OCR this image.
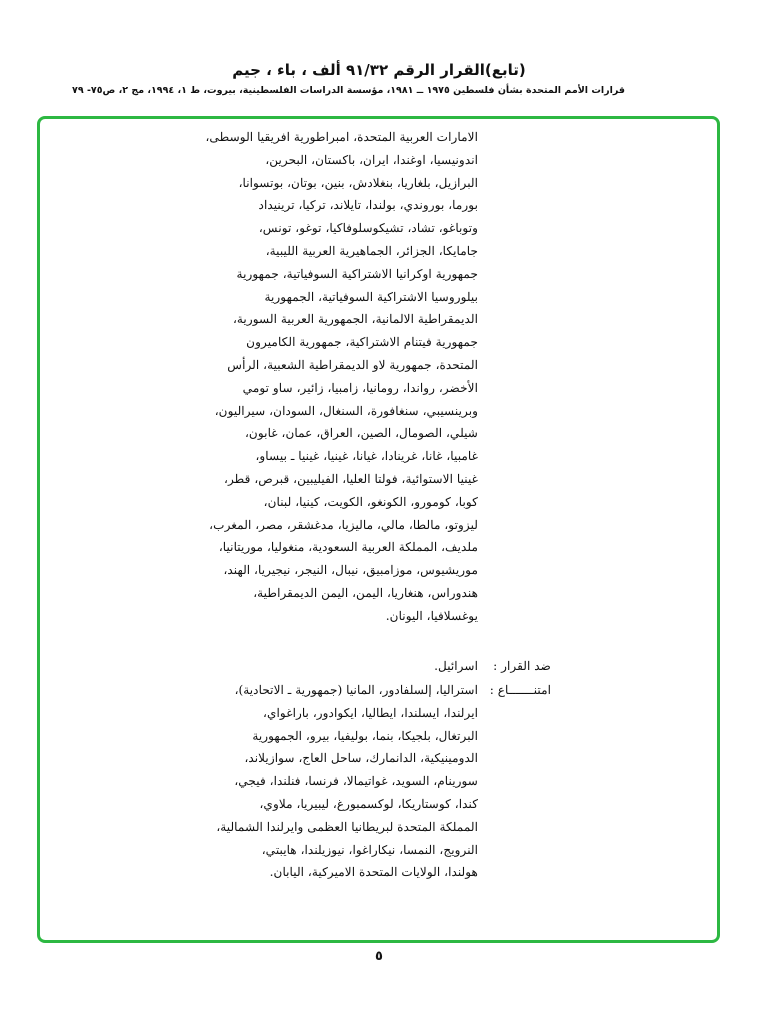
(تابع)القرار الرقم ٩١/٣٢ ألف ، باء ، جيم
قرارات الأمم المتحدة بشأن فلسطين ١٩٧٥ ــ ١٩٨١، مؤسسة الدراسات الفلسطينية، بيروت، ط ١، ١٩٩٤، مج ٢، ص٧٥- ٧٩
الامارات العربية المتحدة، امبراطورية افريقيا الوسطى،
اندونيسيا، اوغندا، ايران، باكستان، البحرين،
البرازيل، بلغاريا، بنغلادش، بنين، بوتان، بوتسوانا،
بورما، بوروندي، بولندا، تايلاند، تركيا، ترينيداد
وتوباغو، تشاد، تشيكوسلوفاكيا، توغو، تونس،
جامايكا، الجزائر، الجماهيرية العربية الليبية،
جمهورية اوكرانيا الاشتراكية السوفياتية، جمهورية
بيلوروسيا الاشتراكية السوفياتية، الجمهورية
الديمقراطية الالمانية، الجمهورية العربية السورية،
جمهورية فيتنام الاشتراكية، جمهورية الكاميرون
المتحدة، جمهورية لاو الديمقراطية الشعبية، الرأس
الأخضر، رواندا، رومانيا، زامبيا، زائير، ساو تومي
وبرينسيبي، سنغافورة، السنغال، السودان، سيراليون،
شيلي، الصومال، الصين، العراق، عمان، غابون،
غامبيا، غانا، غرينادا، غيانا، غينيا، غينيا ـ بيساو،
غينيا الاستوائية، فولتا العليا، الفيليبين، قبرص، قطر،
كوبا، كومورو، الكونغو، الكويت، كينيا، لبنان،
ليزوتو، مالطا، مالي، ماليزيا، مدغشقر، مصر، المغرب،
ملديف، المملكة العربية السعودية، منغوليا، موريتانيا،
موريشيوس، موزامبيق، نيبال، النيجر، نيجيريا، الهند،
هندوراس، هنغاريا، اليمن، اليمن الديمقراطية،
يوغسلافيا، اليونان.
ضد القرار :
اسرائيل.
امتنـــــــاع :
استراليا، إلسلفادور، المانيا (جمهورية ـ الاتحادية)،
ايرلندا، ايسلندا، ايطاليا، ايكوادور، باراغواي،
البرتغال، بلجيكا، بنما، بوليفيا، بيرو، الجمهورية
الدومينيكية، الدانمارك، ساحل العاج، سوازيلاند،
سورينام، السويد، غواتيمالا، فرنسا، فنلندا، فيجي،
كندا، كوستاريكا، لوكسمبورغ، ليبيريا، ملاوي،
المملكة المتحدة لبريطانيا العظمى وايرلندا الشمالية،
النرويج، النمسا، نيكاراغوا، نيوزيلندا، هايبتي،
هولندا، الولايات المتحدة الاميركية، اليابان.
٥
